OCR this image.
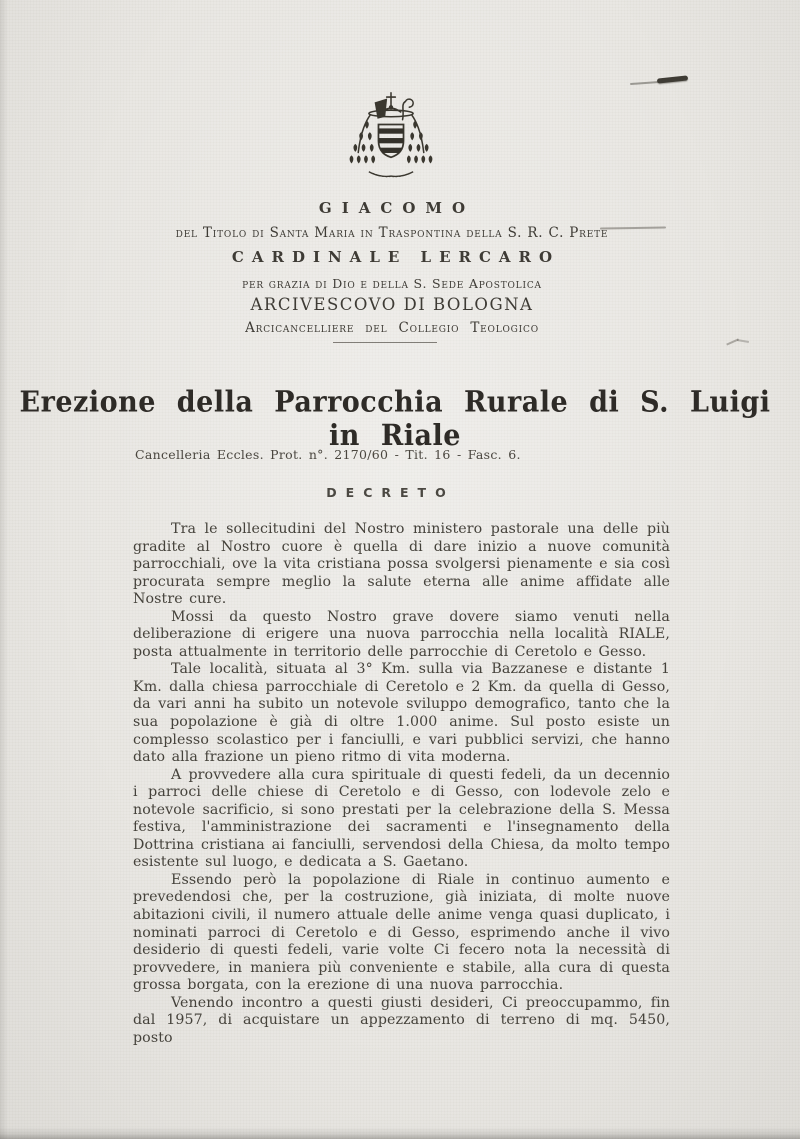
GIACOMO

del Titolo di Santa Maria in Traspontina della S. R. C. Prete

CARDINALE LERCARO

per grazia di Dio e della S. Sede Apostolica

ARCIVESCOVO DI BOLOGNA

Arcicancelliere del Collegio Teologico

Erezione della Parrocchia Rurale di S. Luigi in Riale

Cancelleria Eccles. Prot. n°. 2170/60 - Tit. 16 - Fasc. 6.

DECRETO

Tra le sollecitudini del Nostro ministero pastorale una delle più gradite al Nostro cuore è quella di dare inizio a nuove comunità parrocchiali, ove la vita cristiana possa svolgersi pienamente e sia così procurata sempre meglio la salute eterna alle anime affidate alle Nostre cure.

Mossi da questo Nostro grave dovere siamo venuti nella deliberazione di erigere una nuova parrocchia nella località RIALE, posta attualmente in territorio delle parrocchie di Ceretolo e Gesso.

Tale località, situata al 3° Km. sulla via Bazzanese e distante 1 Km. dalla chiesa parrocchiale di Ceretolo e 2 Km. da quella di Gesso, da vari anni ha subito un notevole sviluppo demografico, tanto che la sua popolazione è già di oltre 1.000 anime. Sul posto esiste un complesso scolastico per i fanciulli, e vari pubblici servizi, che hanno dato alla frazione un pieno ritmo di vita moderna.

A provvedere alla cura spirituale di questi fedeli, da un decennio i parroci delle chiese di Ceretolo e di Gesso, con lodevole zelo e notevole sacrificio, si sono prestati per la celebrazione della S. Messa festiva, l'amministrazione dei sacramenti e l'insegnamento della Dottrina cristiana ai fanciulli, servendosi della Chiesa, da molto tempo esistente sul luogo, e dedicata a S. Gaetano.

Essendo però la popolazione di Riale in continuo aumento e prevedendosi che, per la costruzione, già iniziata, di molte nuove abitazioni civili, il numero attuale delle anime venga quasi duplicato, i nominati parroci di Ceretolo e di Gesso, esprimendo anche il vivo desiderio di questi fedeli, varie volte Ci fecero nota la necessità di provvedere, in maniera più conveniente e stabile, alla cura di questa grossa borgata, con la erezione di una nuova parrocchia.

Venendo incontro a questi giusti desideri, Ci preoccupammo, fin dal 1957, di acquistare un appezzamento di terreno di mq. 5450, posto
